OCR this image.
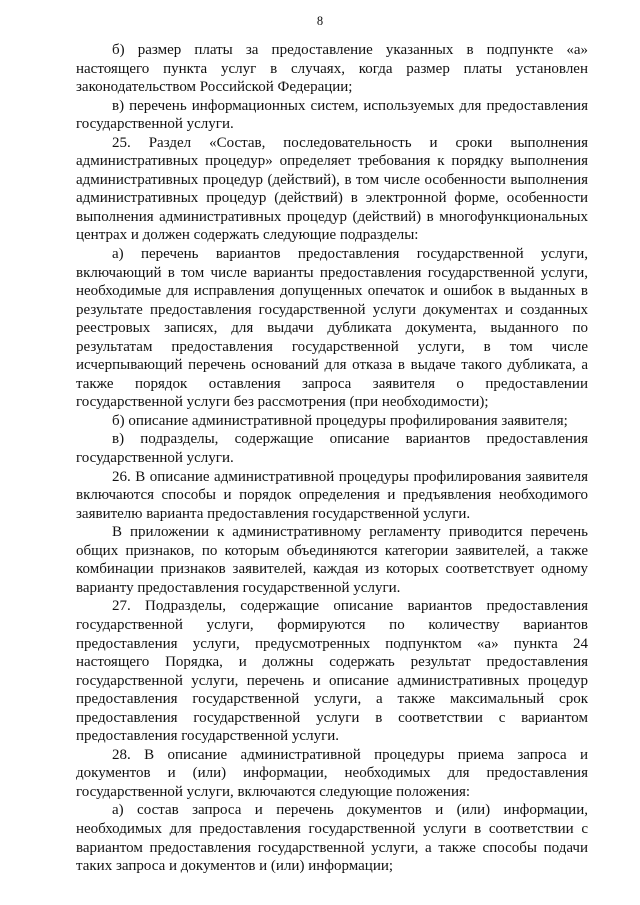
8

б) размер платы за предоставление указанных в подпункте «а» настоящего пункта услуг в случаях, когда размер платы установлен законодательством Российской Федерации;

в) перечень информационных систем, используемых для предоставления государственной услуги.

25. Раздел «Состав, последовательность и сроки выполнения административных процедур» определяет требования к порядку выполнения административных процедур (действий), в том числе особенности выполнения административных процедур (действий) в электронной форме, особенности выполнения административных процедур (действий) в многофункциональных центрах и должен содержать следующие подразделы:

а) перечень вариантов предоставления государственной услуги, включающий в том числе варианты предоставления государственной услуги, необходимые для исправления допущенных опечаток и ошибок в выданных в результате предоставления государственной услуги документах и созданных реестровых записях, для выдачи дубликата документа, выданного по результатам предоставления государственной услуги, в том числе исчерпывающий перечень оснований для отказа в выдаче такого дубликата, а также порядок оставления запроса заявителя о предоставлении государственной услуги без рассмотрения (при необходимости);

б) описание административной процедуры профилирования заявителя;

в) подразделы, содержащие описание вариантов предоставления государственной услуги.

26. В описание административной процедуры профилирования заявителя включаются способы и порядок определения и предъявления необходимого заявителю варианта предоставления государственной услуги.

В приложении к административному регламенту приводится перечень общих признаков, по которым объединяются категории заявителей, а также комбинации признаков заявителей, каждая из которых соответствует одному варианту предоставления государственной услуги.

27. Подразделы, содержащие описание вариантов предоставления государственной услуги, формируются по количеству вариантов предоставления услуги, предусмотренных подпунктом «а» пункта 24 настоящего Порядка, и должны содержать результат предоставления государственной услуги, перечень и описание административных процедур предоставления государственной услуги, а также максимальный срок предоставления государственной услуги в соответствии с вариантом предоставления государственной услуги.

28. В описание административной процедуры приема запроса и документов и (или) информации, необходимых для предоставления государственной услуги, включаются следующие положения:

а) состав запроса и перечень документов и (или) информации, необходимых для предоставления государственной услуги в соответствии с вариантом предоставления государственной услуги, а также способы подачи таких запроса и документов и (или) информации;
